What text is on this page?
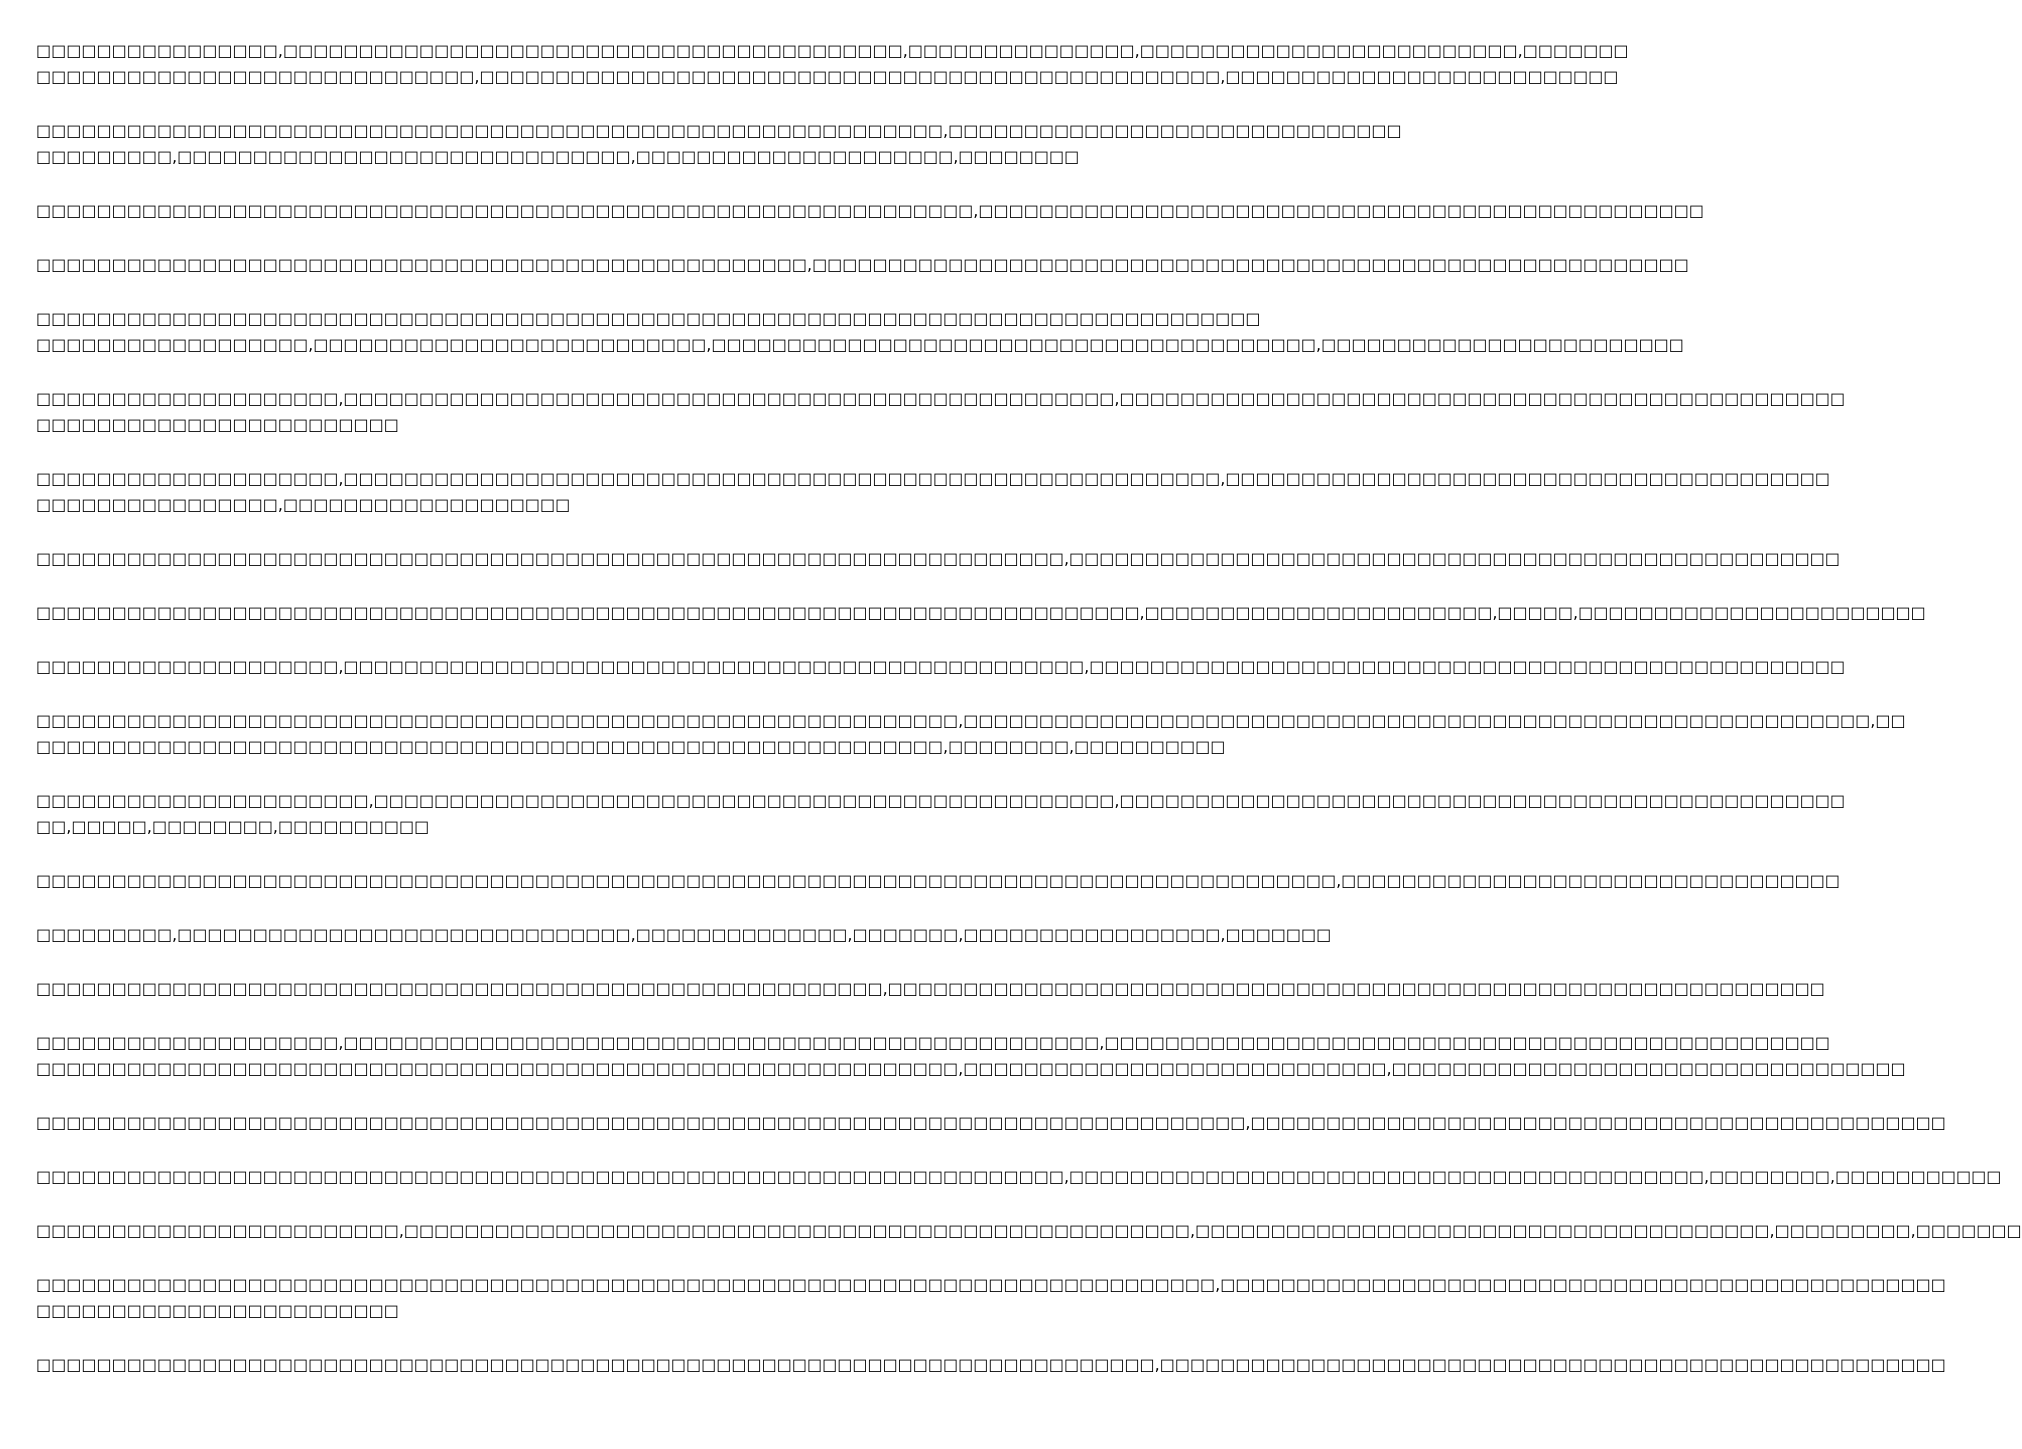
□□□□□□□□□□□□□□□□,□□□□□□□□□□□□□□□□□□□□□□□□□□□□□□□□□□□□□□□□□,□□□□□□□□□□□□□□□,□□□□□□□□□□□□□□□□□□□□□□□□□,□□□□□□□
□□□□□□□□□□□□□□□□□□□□□□□□□□□□□,□□□□□□□□□□□□□□□□□□□□□□□□□□□□□□□□□□□□□□□□□□□□□□□□□,□□□□□□□□□□□□□□□□□□□□□□□□□□

□□□□□□□□□□□□□□□□□□□□□□□□□□□□□□□□□□□□□□□□□□□□□□□□□□□□□□□□□□□□,□□□□□□□□□□□□□□□□□□□□□□□□□□□□□□
□□□□□□□□□,□□□□□□□□□□□□□□□□□□□□□□□□□□□□□□,□□□□□□□□□□□□□□□□□□□□□,□□□□□□□□

□□□□□□□□□□□□□□□□□□□□□□□□□□□□□□□□□□□□□□□□□□□□□□□□□□□□□□□□□□□□□□,□□□□□□□□□□□□□□□□□□□□□□□□□□□□□□□□□□□□□□□□□□□□□□□□

□□□□□□□□□□□□□□□□□□□□□□□□□□□□□□□□□□□□□□□□□□□□□□□□□□□,□□□□□□□□□□□□□□□□□□□□□□□□□□□□□□□□□□□□□□□□□□□□□□□□□□□□□□□□□□

□□□□□□□□□□□□□□□□□□□□□□□□□□□□□□□□□□□□□□□□□□□□□□□□□□□□□□□□□□□□□□□□□□□□□□□□□□□□□□□□□
□□□□□□□□□□□□□□□□□□,□□□□□□□□□□□□□□□□□□□□□□□□□□,□□□□□□□□□□□□□□□□□□□□□□□□□□□□□□□□□□□□□□□□,□□□□□□□□□□□□□□□□□□□□□□□□

□□□□□□□□□□□□□□□□□□□□,□□□□□□□□□□□□□□□□□□□□□□□□□□□□□□□□□□□□□□□□□□□□□□□□□□□,□□□□□□□□□□□□□□□□□□□□□□□□□□□□□□□□□□□□□□□□□□□□□□□□
□□□□□□□□□□□□□□□□□□□□□□□□

□□□□□□□□□□□□□□□□□□□□,□□□□□□□□□□□□□□□□□□□□□□□□□□□□□□□□□□□□□□□□□□□□□□□□□□□□□□□□□□,□□□□□□□□□□□□□□□□□□□□□□□□□□□□□□□□□□□□□□□□
□□□□□□□□□□□□□□□□,□□□□□□□□□□□□□□□□□□□

□□□□□□□□□□□□□□□□□□□□□□□□□□□□□□□□□□□□□□□□□□□□□□□□□□□□□□□□□□□□□□□□□□□□,□□□□□□□□□□□□□□□□□□□□□□□□□□□□□□□□□□□□□□□□□□□□□□□□□□□

□□□□□□□□□□□□□□□□□□□□□□□□□□□□□□□□□□□□□□□□□□□□□□□□□□□□□□□□□□□□□□□□□□□□□□□□□,□□□□□□□□□□□□□□□□□□□□□□□,□□□□□,□□□□□□□□□□□□□□□□□□□□□□□

□□□□□□□□□□□□□□□□□□□□,□□□□□□□□□□□□□□□□□□□□□□□□□□□□□□□□□□□□□□□□□□□□□□□□□,□□□□□□□□□□□□□□□□□□□□□□□□□□□□□□□□□□□□□□□□□□□□□□□□□□

□□□□□□□□□□□□□□□□□□□□□□□□□□□□□□□□□□□□□□□□□□□□□□□□□□□□□□□□□□□□□,□□□□□□□□□□□□□□□□□□□□□□□□□□□□□□□□□□□□□□□□□□□□□□□□□□□□□□□□□□□□,□□
□□□□□□□□□□□□□□□□□□□□□□□□□□□□□□□□□□□□□□□□□□□□□□□□□□□□□□□□□□□□,□□□□□□□□,□□□□□□□□□□

□□□□□□□□□□□□□□□□□□□□□□,□□□□□□□□□□□□□□□□□□□□□□□□□□□□□□□□□□□□□□□□□□□□□□□□□,□□□□□□□□□□□□□□□□□□□□□□□□□□□□□□□□□□□□□□□□□□□□□□□□
□□,□□□□□,□□□□□□□□,□□□□□□□□□□

□□□□□□□□□□□□□□□□□□□□□□□□□□□□□□□□□□□□□□□□□□□□□□□□□□□□□□□□□□□□□□□□□□□□□□□□□□□□□□□□□□□□□□,□□□□□□□□□□□□□□□□□□□□□□□□□□□□□□□□□

□□□□□□□□□,□□□□□□□□□□□□□□□□□□□□□□□□□□□□□□,□□□□□□□□□□□□□□,□□□□□□□,□□□□□□□□□□□□□□□□□,□□□□□□□

□□□□□□□□□□□□□□□□□□□□□□□□□□□□□□□□□□□□□□□□□□□□□□□□□□□□□□□□,□□□□□□□□□□□□□□□□□□□□□□□□□□□□□□□□□□□□□□□□□□□□□□□□□□□□□□□□□□□□□□

□□□□□□□□□□□□□□□□□□□□,□□□□□□□□□□□□□□□□□□□□□□□□□□□□□□□□□□□□□□□□□□□□□□□□□□,□□□□□□□□□□□□□□□□□□□□□□□□□□□□□□□□□□□□□□□□□□□□□□□□
□□□□□□□□□□□□□□□□□□□□□□□□□□□□□□□□□□□□□□□□□□□□□□□□□□□□□□□□□□□□□,□□□□□□□□□□□□□□□□□□□□□□□□□□□□,□□□□□□□□□□□□□□□□□□□□□□□□□□□□□□□□□□

□□□□□□□□□□□□□□□□□□□□□□□□□□□□□□□□□□□□□□□□□□□□□□□□□□□□□□□□□□□□□□□□□□□□□□□□□□□□□□□□,□□□□□□□□□□□□□□□□□□□□□□□□□□□□□□□□□□□□□□□□□□□□□□

□□□□□□□□□□□□□□□□□□□□□□□□□□□□□□□□□□□□□□□□□□□□□□□□□□□□□□□□□□□□□□□□□□□□,□□□□□□□□□□□□□□□□□□□□□□□□□□□□□□□□□□□□□□□□□□,□□□□□□□□,□□□□□□□□□□□

□□□□□□□□□□□□□□□□□□□□□□□□,□□□□□□□□□□□□□□□□□□□□□□□□□□□□□□□□□□□□□□□□□□□□□□□□□□□□,□□□□□□□□□□□□□□□□□□□□□□□□□□□□□□□□□□□□□□,□□□□□□□□□,□□□□□□□

□□□□□□□□□□□□□□□□□□□□□□□□□□□□□□□□□□□□□□□□□□□□□□□□□□□□□□□□□□□□□□□□□□□□□□□□□□□□□□,□□□□□□□□□□□□□□□□□□□□□□□□□□□□□□□□□□□□□□□□□□□□□□□□
□□□□□□□□□□□□□□□□□□□□□□□□

□□□□□□□□□□□□□□□□□□□□□□□□□□□□□□□□□□□□□□□□□□□□□□□□□□□□□□□□□□□□□□□□□□□□□□□□□□,□□□□□□□□□□□□□□□□□□□□□□□□□□□□□□□□□□□□□□□□□□□□□□□□□□□□
